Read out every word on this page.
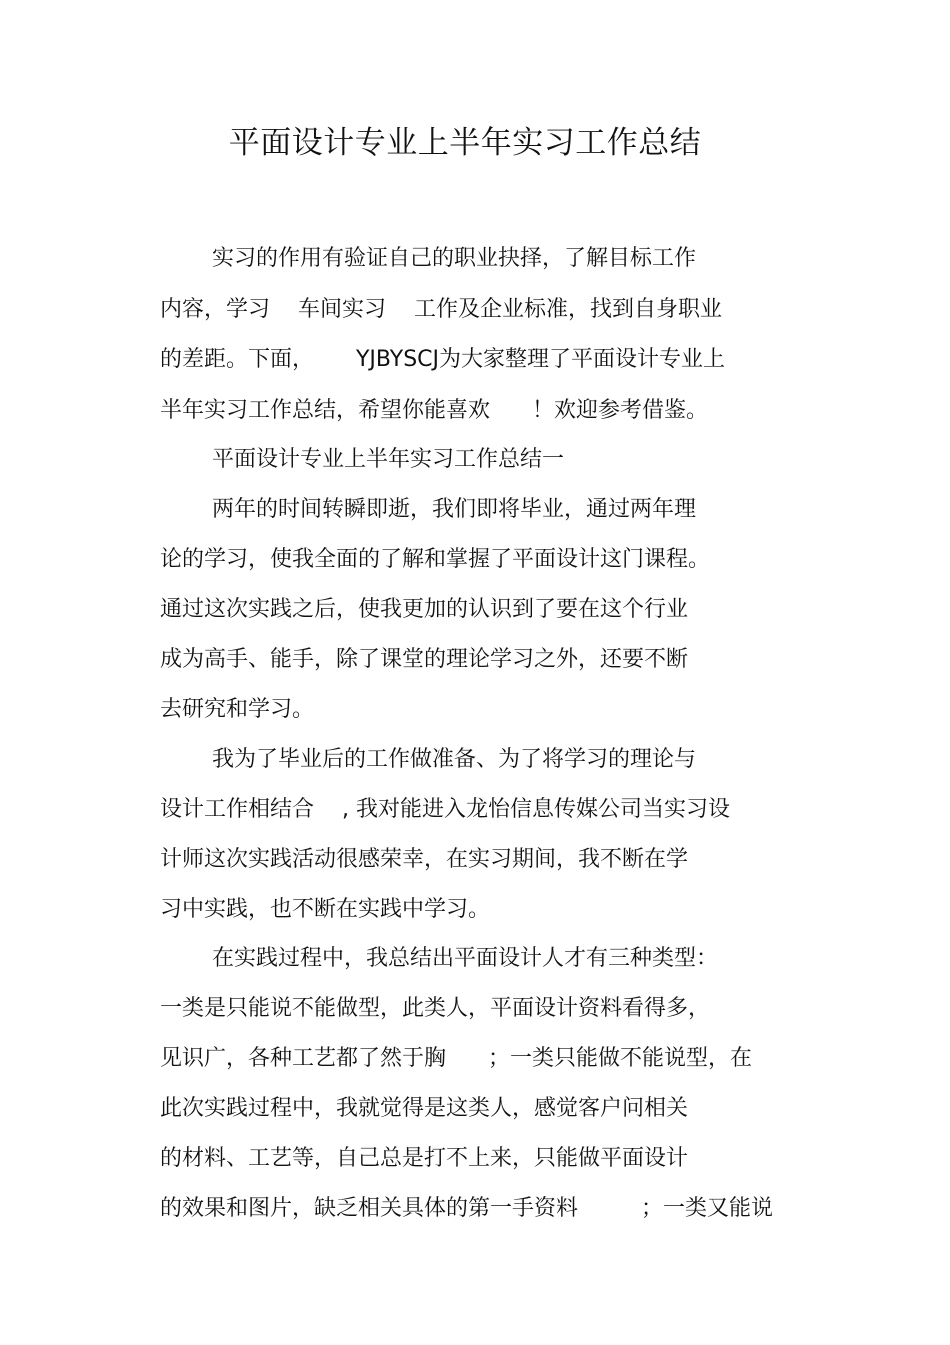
平面设计专业上半年实习工作总结
实习的作用有验证自己的职业抉择，了解目标工作
内容，学习    车间实习    工作及企业标准，找到自身职业
的差距。下面，      YJBYSCJ为大家整理了平面设计专业上
半年实习工作总结，希望你能喜欢      ！欢迎参考借鉴。
平面设计专业上半年实习工作总结一
两年的时间转瞬即逝，我们即将毕业，通过两年理
论的学习，使我全面的了解和掌握了平面设计这门课程。
通过这次实践之后，使我更加的认识到了要在这个行业
成为高手、能手，除了课堂的理论学习之外，还要不断
去研究和学习。
我为了毕业后的工作做准备、为了将学习的理论与
设计工作相结合    , 我对能进入龙怡信息传媒公司当实习设
计师这次实践活动很感荣幸，在实习期间，我不断在学
习中实践，也不断在实践中学习。
在实践过程中，我总结出平面设计人才有三种类型：
一类是只能说不能做型，此类人，平面设计资料看得多，
见识广，各种工艺都了然于胸      ；一类只能做不能说型，在
此次实践过程中，我就觉得是这类人，感觉客户问相关
的材料、工艺等，自己总是打不上来，只能做平面设计
的效果和图片，缺乏相关具体的第一手资料         ；一类又能说
